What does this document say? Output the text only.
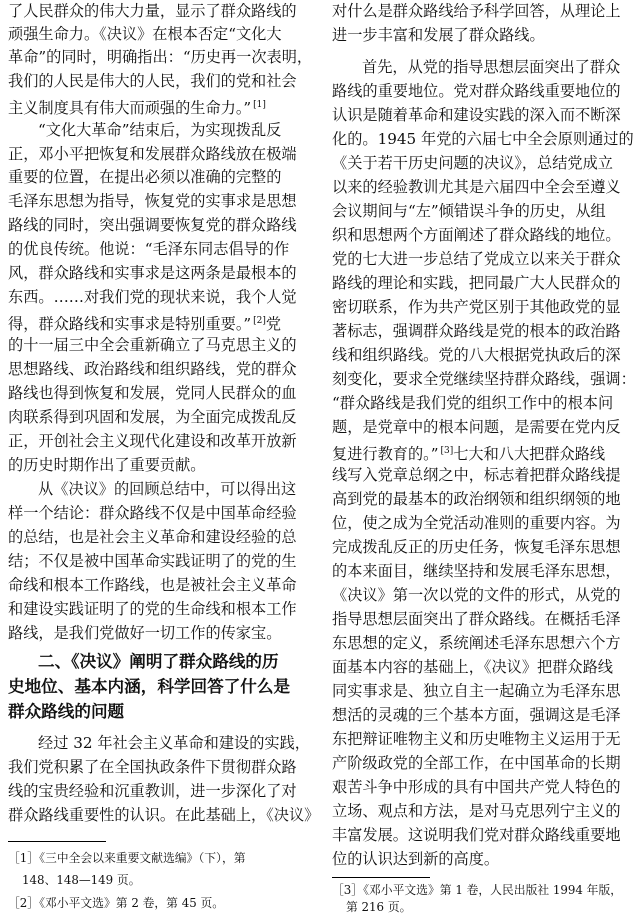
了人民群众的伟大力量，显示了群众路线的
顽强生命力。《决议》在根本否定“文化大
革命”的同时，明确指出：“历史再一次表明，
我们的人民是伟大的人民，我们的党和社会
主义制度具有伟大而顽强的生命力。” [1]
“文化大革命”结束后，为实现拨乱反
正，邓小平把恢复和发展群众路线放在极端
重要的位置，在提出必须以准确的完整的
毛泽东思想为指导，恢复党的实事求是思想
路线的同时，突出强调要恢复党的群众路线
的优良传统。他说：“毛泽东同志倡导的作
风，群众路线和实事求是这两条是最根本的
东西。……对我们党的现状来说，我个人觉
得，群众路线和实事求是特别重要。” [2]党
的十一届三中全会重新确立了马克思主义的
思想路线、政治路线和组织路线，党的群众
路线也得到恢复和发展，党同人民群众的血
肉联系得到巩固和发展，为全面完成拨乱反
正，开创社会主义现代化建设和改革开放新
的历史时期作出了重要贡献。
从《决议》的回顾总结中，可以得出这
样一个结论：群众路线不仅是中国革命经验
的总结，也是社会主义革命和建设经验的总
结；不仅是被中国革命实践证明了的党的生
命线和根本工作路线，也是被社会主义革命
和建设实践证明了的党的生命线和根本工作
路线，是我们党做好一切工作的传家宝。
二、《决议》阐明了群众路线的历
史地位、基本内涵，科学回答了什么是
群众路线的问题
经过 32 年社会主义革命和建设的实践，
我们党积累了在全国执政条件下贯彻群众路
线的宝贵经验和沉重教训，进一步深化了对
群众路线重要性的认识。在此基础上，《决议》
［1］《三中全会以来重要文献选编》（下），第
148、148—149 页。
［2］《邓小平文选》第 2 卷，第 45 页。
对什么是群众路线给予科学回答，从理论上
进一步丰富和发展了群众路线。
首先，从党的指导思想层面突出了群众
路线的重要地位。党对群众路线重要地位的
认识是随着革命和建设实践的深入而不断深
化的。1945 年党的六届七中全会原则通过的
《关于若干历史问题的决议》，总结党成立
以来的经验教训尤其是六届四中全会至遵义
会议期间与“左”倾错误斗争的历史，从组
织和思想两个方面阐述了群众路线的地位。
党的七大进一步总结了党成立以来关于群众
路线的理论和实践，把同最广大人民群众的
密切联系，作为共产党区别于其他政党的显
著标志，强调群众路线是党的根本的政治路
线和组织路线。党的八大根据党执政后的深
刻变化，要求全党继续坚持群众路线，强调：
“群众路线是我们党的组织工作中的根本问
题，是党章中的根本问题，是需要在党内反
复进行教育的。” [3]七大和八大把群众路线
线写入党章总纲之中，标志着把群众路线提
高到党的最基本的政治纲领和组织纲领的地
位，使之成为全党活动准则的重要内容。为
完成拨乱反正的历史任务，恢复毛泽东思想
的本来面目，继续坚持和发展毛泽东思想，
《决议》第一次以党的文件的形式，从党的
指导思想层面突出了群众路线。在概括毛泽
东思想的定义，系统阐述毛泽东思想六个方
面基本内容的基础上，《决议》把群众路线
同实事求是、独立自主一起确立为毛泽东思
想活的灵魂的三个基本方面，强调这是毛泽
东把辩证唯物主义和历史唯物主义运用于无
产阶级政党的全部工作，在中国革命的长期
艰苦斗争中形成的具有中国共产党人特色的
立场、观点和方法，是对马克思列宁主义的
丰富发展。这说明我们党对群众路线重要地
位的认识达到新的高度。
［3］《邓小平文选》第 1 卷，人民出版社 1994 年版，
第 216 页。
